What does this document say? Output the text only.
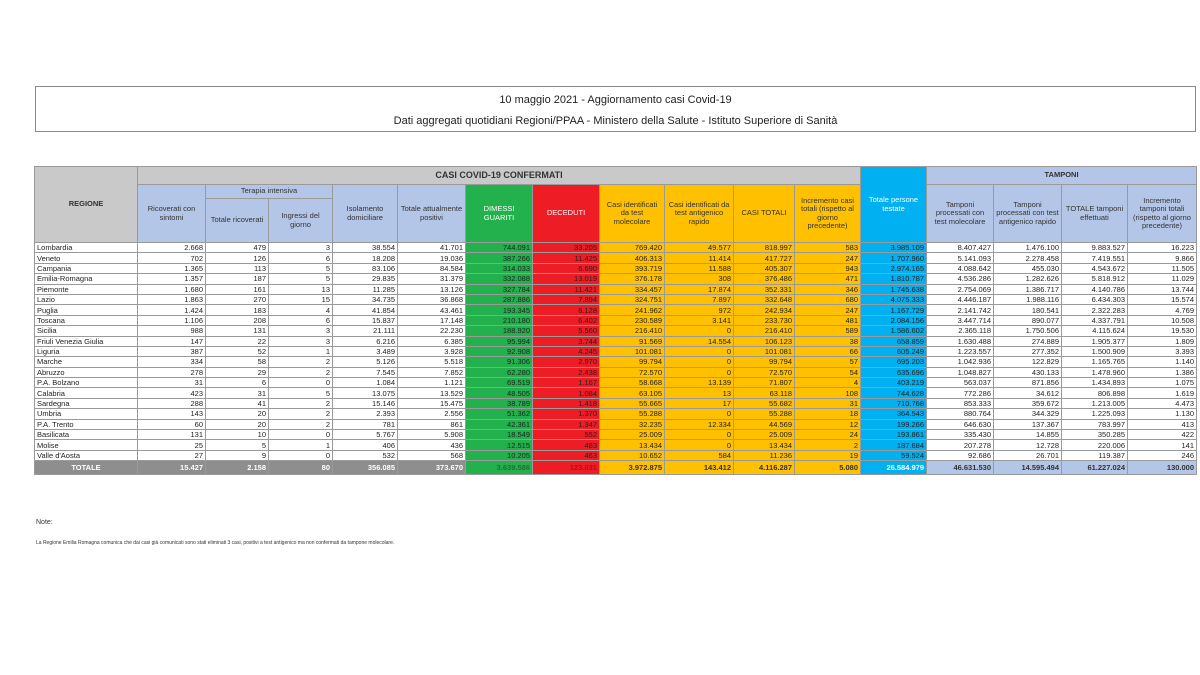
10 maggio 2021 - Aggiornamento casi Covid-19
Dati aggregati quotidiani Regioni/PPAA - Ministero della Salute - Istituto Superiore di Sanità
REGIONE	CASI COVID-19 CONFERMATI											Totale persone testate	TAMPONI			
	Ricoverati con sintomi	Terapia intensiva		Isolamento domiciliare	Totale attualmente positivi	DIMESSI GUARITI	DECEDUTI	Casi identificati da test molecolare	Casi identificati da test antigenico rapido	CASI TOTALI	Incremento casi totali (rispetto al giorno precedente)		Tamponi processati con test molecolare	Tamponi processati con test antigenico rapido	TOTALE tamponi effettuati	Incremento tamponi totali (rispetto al giorno precedente)
		Totale ricoverati	Ingressi del giorno													
Lombardia	2.668	479	3	38.554	41.701	744.091	33.205	769.420	49.577	818.997	583	3.985.109	8.407.427	1.476.100	9.883.527	16.223
Veneto	702	126	6	18.208	19.036	387.266	11.425	406.313	11.414	417.727	247	1.707.960	5.141.093	2.278.458	7.419.551	9.866
Campania	1.365	113	5	83.106	84.584	314.033	6.690	393.719	11.588	405.307	943	2.974.165	4.088.642	455.030	4.543.672	11.505
Emilia-Romagna	1.357	187	5	29.835	31.379	332.088	13.019	376.178	308	376.486	471	1.810.787	4.536.286	1.282.626	5.818.912	11.029
Piemonte	1.680	161	13	11.285	13.126	327.784	11.421	334.457	17.874	352.331	346	1.745.638	2.754.069	1.386.717	4.140.786	13.744
Lazio	1.863	270	15	34.735	36.868	287.886	7.894	324.751	7.897	332.648	680	4.075.333	4.446.187	1.988.116	6.434.303	15.574
Puglia	1.424	183	4	41.854	43.461	193.345	6.128	241.962	972	242.934	247	1.167.729	2.141.742	180.541	2.322.283	4.769
Toscana	1.106	208	6	15.837	17.148	210.180	6.402	230.589	3.141	233.730	481	2.084.156	3.447.714	890.077	4.337.791	10.508
Sicilia	988	131	3	21.111	22.230	188.920	5.560	216.410	0	216.410	589	1.586.602	2.365.118	1.750.506	4.115.624	19.530
Friuli Venezia Giulia	147	22	3	6.216	6.385	95.994	3.744	91.569	14.554	106.123	38	658.859	1.630.488	274.889	1.905.377	1.809
Liguria	387	52	1	3.489	3.928	92.908	4.245	101.081	0	101.081	66	605.249	1.223.557	277.352	1.500.909	3.393
Marche	334	58	2	5.126	5.518	91.306	2.970	99.794	0	99.794	57	695.203	1.042.936	122.829	1.165.765	1.140
Abruzzo	278	29	2	7.545	7.852	62.280	2.438	72.570	0	72.570	54	635.696	1.048.827	430.133	1.478.960	1.386
P.A. Bolzano	31	6	0	1.084	1.121	69.519	1.167	58.668	13.139	71.807	4	403.219	563.037	871.856	1.434.893	1.075
Calabria	423	31	5	13.075	13.529	48.505	1.084	63.105	13	63.118	108	744.628	772.286	34.612	806.898	1.619
Sardegna	288	41	2	15.146	15.475	38.789	1.418	55.665	17	55.682	31	710.768	853.333	359.672	1.213.005	4.473
Umbria	143	20	2	2.393	2.556	51.362	1.370	55.288	0	55.288	18	364.543	880.764	344.329	1.225.093	1.130
P.A. Trento	60	20	2	781	861	42.361	1.347	32.235	12.334	44.569	12	199.266	646.630	137.367	783.997	413
Basilicata	131	10	0	5.767	5.908	18.549	552	25.009	0	25.009	24	193.861	335.430	14.855	350.285	422
Molise	25	5	1	406	436	12.515	483	13.434	0	13.434	2	187.684	207.278	12.728	220.006	141
Valle d'Aosta	27	9	0	532	568	10.205	463	10.652	584	11.236	19	59.524	92.686	26.701	119.387	246
TOTALE	15.427	2.158	80	356.085	373.670	3.639.586	123.031	3.972.875	143.412	4.116.287	5.080	26.584.979	46.631.530	14.595.494	61.227.024	130.000
Note:
La Regione Emilia Romagna comunica che dai casi già comunicati sono stati eliminati 3 casi, positivi a test antigenico ma non confermati da tampone molecolare.
